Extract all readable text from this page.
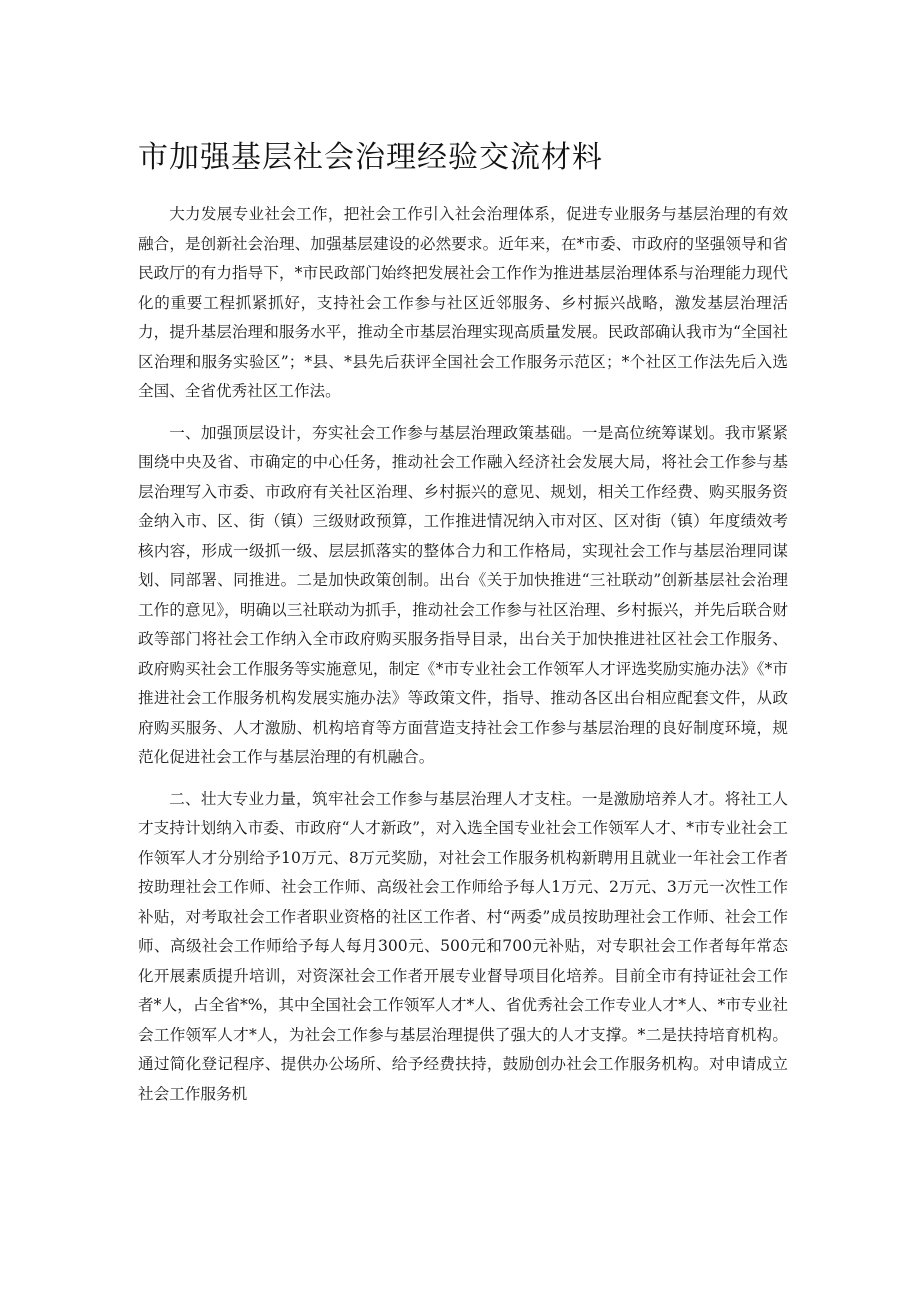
市加强基层社会治理经验交流材料

大力发展专业社会工作，把社会工作引入社会治理体系，促进专业服务与基层治理的有效融合，是创新社会治理、加强基层建设的必然要求。近年来，在*市委、市政府的坚强领导和省民政厅的有力指导下，*市民政部门始终把发展社会工作作为推进基层治理体系与治理能力现代化的重要工程抓紧抓好，支持社会工作参与社区近邻服务、乡村振兴战略，激发基层治理活力，提升基层治理和服务水平，推动全市基层治理实现高质量发展。民政部确认我市为“全国社区治理和服务实验区”；*县、*县先后获评全国社会工作服务示范区；*个社区工作法先后入选全国、全省优秀社区工作法。

一、加强顶层设计，夯实社会工作参与基层治理政策基础。一是高位统筹谋划。我市紧紧围绕中央及省、市确定的中心任务，推动社会工作融入经济社会发展大局，将社会工作参与基层治理写入市委、市政府有关社区治理、乡村振兴的意见、规划，相关工作经费、购买服务资金纳入市、区、街（镇）三级财政预算，工作推进情况纳入市对区、区对街（镇）年度绩效考核内容，形成一级抓一级、层层抓落实的整体合力和工作格局，实现社会工作与基层治理同谋划、同部署、同推进。二是加快政策创制。出台《关于加快推进“三社联动”创新基层社会治理工作的意见》，明确以三社联动为抓手，推动社会工作参与社区治理、乡村振兴，并先后联合财政等部门将社会工作纳入全市政府购买服务指导目录，出台关于加快推进社区社会工作服务、政府购买社会工作服务等实施意见，制定《*市专业社会工作领军人才评选奖励实施办法》《*市推进社会工作服务机构发展实施办法》等政策文件，指导、推动各区出台相应配套文件，从政府购买服务、人才激励、机构培育等方面营造支持社会工作参与基层治理的良好制度环境，规范化促进社会工作与基层治理的有机融合。

二、壮大专业力量，筑牢社会工作参与基层治理人才支柱。一是激励培养人才。将社工人才支持计划纳入市委、市政府“人才新政”，对入选全国专业社会工作领军人才、*市专业社会工作领军人才分别给予10万元、8万元奖励，对社会工作服务机构新聘用且就业一年社会工作者按助理社会工作师、社会工作师、高级社会工作师给予每人1万元、2万元、3万元一次性工作补贴，对考取社会工作者职业资格的社区工作者、村“两委”成员按助理社会工作师、社会工作师、高级社会工作师给予每人每月300元、500元和700元补贴，对专职社会工作者每年常态化开展素质提升培训，对资深社会工作者开展专业督导项目化培养。目前全市有持证社会工作者*人，占全省*%，其中全国社会工作领军人才*人、省优秀社会工作专业人才*人、*市专业社会工作领军人才*人，为社会工作参与基层治理提供了强大的人才支撑。*二是扶持培育机构。通过简化登记程序、提供办公场所、给予经费扶持，鼓励创办社会工作服务机构。对申请成立社会工作服务机
